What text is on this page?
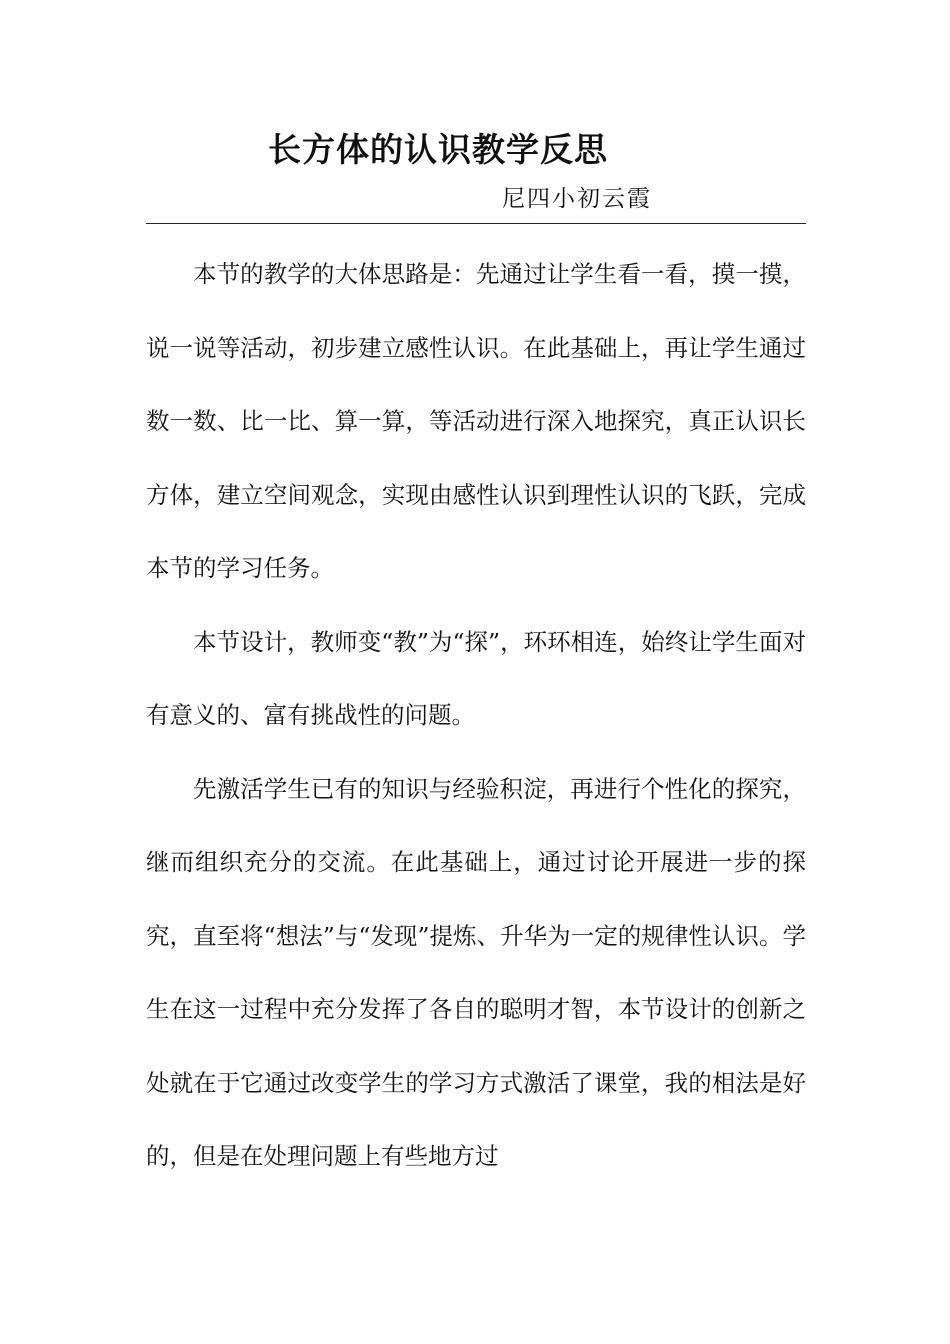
长方体的认识教学反思
尼四小初云霞

本节的教学的大体思路是：先通过让学生看一看，摸一摸，说一说等活动，初步建立感性认识。在此基础上，再让学生通过数一数、比一比、算一算，等活动进行深入地探究，真正认识长方体，建立空间观念，实现由感性认识到理性认识的飞跃，完成本节的学习任务。

本节设计，教师变“教”为“探”，环环相连，始终让学生面对有意义的、富有挑战性的问题。

先激活学生已有的知识与经验积淀，再进行个性化的探究，继而组织充分的交流。在此基础上，通过讨论开展进一步的探究，直至将“想法”与“发现”提炼、升华为一定的规律性认识。学生在这一过程中充分发挥了各自的聪明才智，本节设计的创新之处就在于它通过改变学生的学习方式激活了课堂，我的相法是好的，但是在处理问题上有些地方过
